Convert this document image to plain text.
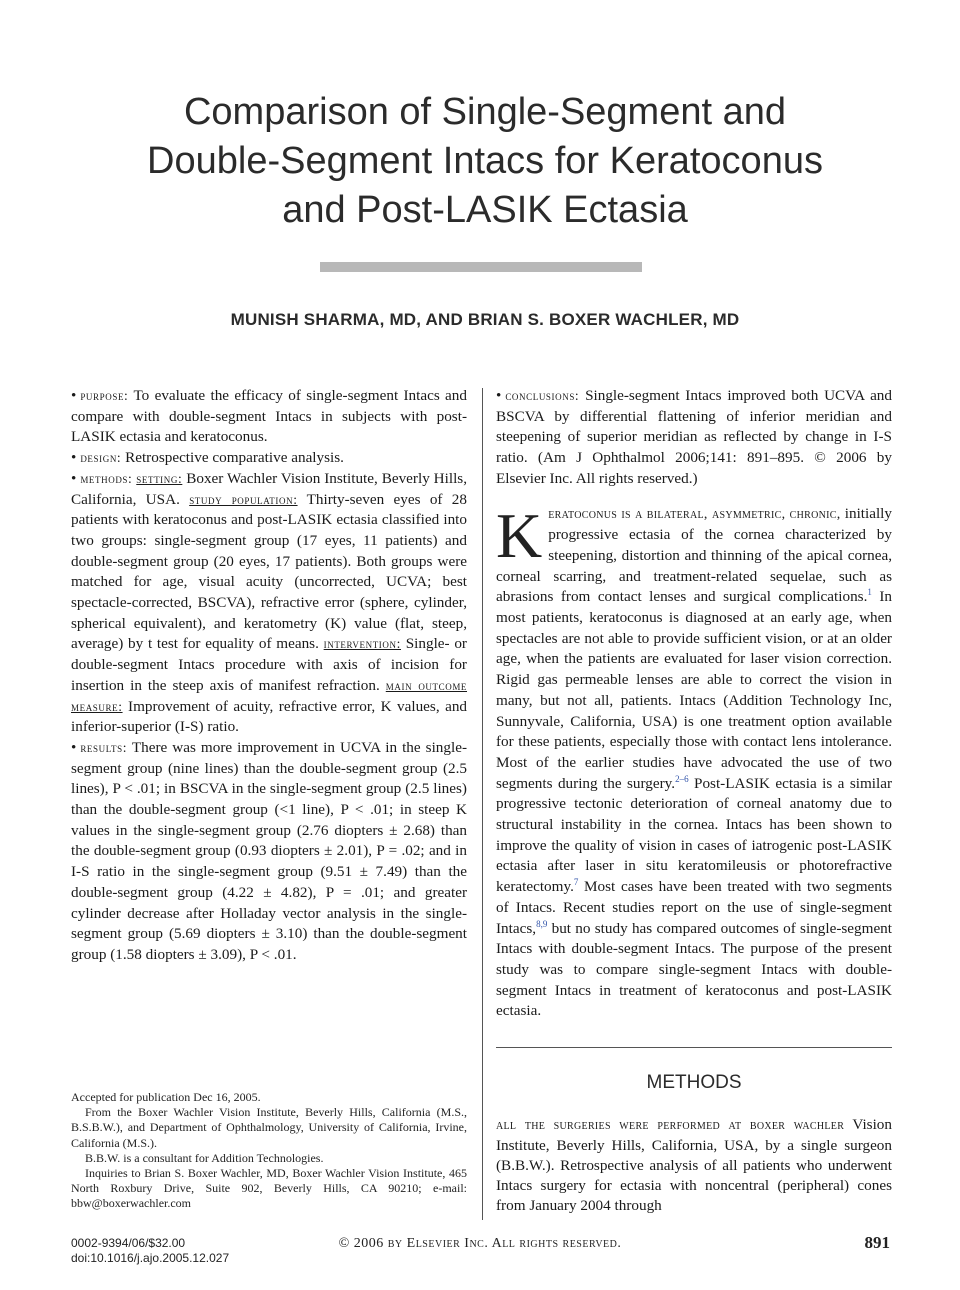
Comparison of Single-Segment and
Double-Segment Intacs for Keratoconus
and Post-LASIK Ectasia
MUNISH SHARMA, MD, AND BRIAN S. BOXER WACHLER, MD

• purpose: To evaluate the efficacy of single-segment Intacs and compare with double-segment Intacs in subjects with post-LASIK ectasia and keratoconus.

• design: Retrospective comparative analysis.

• methods: setting: Boxer Wachler Vision Institute, Beverly Hills, California, USA. study population: Thirty-seven eyes of 28 patients with keratoconus and post-LASIK ectasia classified into two groups: single-segment group (17 eyes, 11 patients) and double-segment group (20 eyes, 17 patients). Both groups were matched for age, visual acuity (uncorrected, UCVA; best spectacle-corrected, BSCVA), refractive error (sphere, cylinder, spherical equivalent), and keratometry (K) value (flat, steep, average) by t test for equality of means. intervention: Single- or double-segment Intacs procedure with axis of incision for insertion in the steep axis of manifest refraction. main outcome measure: Improvement of acuity, refractive error, K values, and inferior-superior (I-S) ratio.

• results: There was more improvement in UCVA in the single-segment group (nine lines) than the double-segment group (2.5 lines), P < .01; in BSCVA in the single-segment group (2.5 lines) than the double-segment group (<1 line), P < .01; in steep K values in the single-segment group (2.76 diopters ± 2.68) than the double-segment group (0.93 diopters ± 2.01), P = .02; and in I-S ratio in the single-segment group (9.51 ± 7.49) than the double-segment group (4.22 ± 4.82), P = .01; and greater cylinder decrease after Holladay vector analysis in the single-segment group (5.69 diopters ± 3.10) than the double-segment group (1.58 diopters ± 3.09), P < .01.

Accepted for publication Dec 16, 2005.

From the Boxer Wachler Vision Institute, Beverly Hills, California (M.S., B.S.B.W.), and Department of Ophthalmology, University of California, Irvine, California (M.S.).

B.B.W. is a consultant for Addition Technologies.

Inquiries to Brian S. Boxer Wachler, MD, Boxer Wachler Vision Institute, 465 North Roxbury Drive, Suite 902, Beverly Hills, CA 90210; e-mail: bbw@boxerwachler.com

• conclusions: Single-segment Intacs improved both UCVA and BSCVA by differential flattening of inferior meridian and steepening of superior meridian as reflected by change in I-S ratio. (Am J Ophthalmol 2006;141: 891–895. © 2006 by Elsevier Inc. All rights reserved.)

Keratoconus is a bilateral, asymmetric, chronic, initially progressive ectasia of the cornea characterized by steepening, distortion and thinning of the apical cornea, corneal scarring, and treatment-related sequelae, such as abrasions from contact lenses and surgical complications.$^1$ In most patients, keratoconus is diagnosed at an early age, when spectacles are not able to provide sufficient vision, or at an older age, when the patients are evaluated for laser vision correction. Rigid gas permeable lenses are able to correct the vision in many, but not all, patients. Intacs (Addition Technology Inc, Sunnyvale, California, USA) is one treatment option available for these patients, especially those with contact lens intolerance. Most of the earlier studies have advocated the use of two segments during the surgery.$^{2-6}$ Post-LASIK ectasia is a similar progressive tectonic deterioration of corneal anatomy due to structural instability in the cornea. Intacs has been shown to improve the quality of vision in cases of iatrogenic post-LASIK ectasia after laser in situ keratomileusis or photorefractive keratectomy.$^7$ Most cases have been treated with two segments of Intacs. Recent studies report on the use of single-segment Intacs,$^{8,9}$ but no study has compared outcomes of single-segment Intacs with double-segment Intacs. The purpose of the present study was to compare single-segment Intacs with double-segment Intacs in treatment of keratoconus and post-LASIK ectasia.

METHODS

all the surgeries were performed at boxer wachler Vision Institute, Beverly Hills, California, USA, by a single surgeon (B.B.W.). Retrospective analysis of all patients who underwent Intacs surgery for ectasia with noncentral (peripheral) cones from January 2004 through

0002-9394/06/$32.00
doi:10.1016/j.ajo.2005.12.027
© 2006 by Elsevier Inc. All rights reserved.	891
